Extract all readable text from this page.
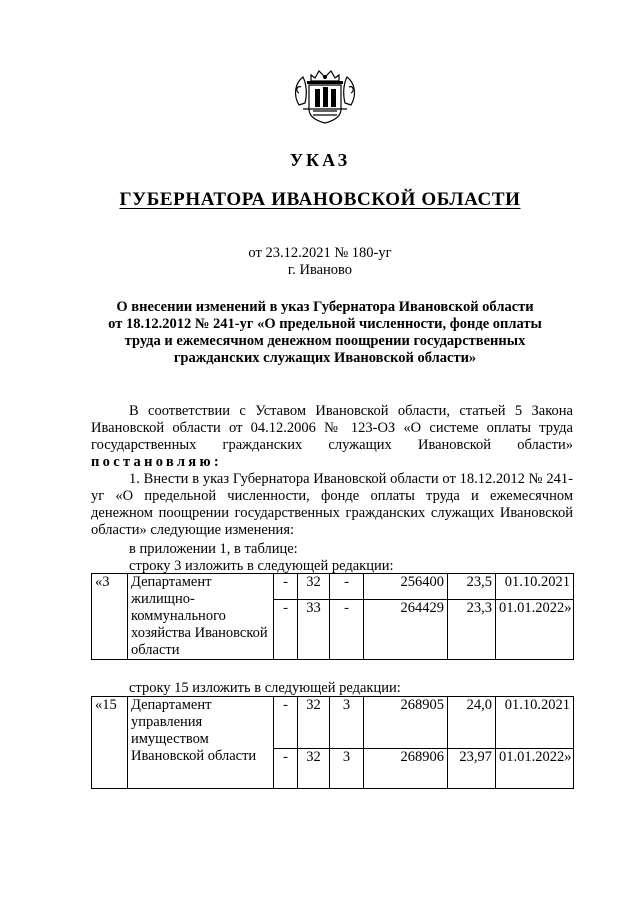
УКАЗ
ГУБЕРНАТОРА ИВАНОВСКОЙ ОБЛАСТИ
от 23.12.2021 № 180-уг
г. Иваново
О внесении изменений в указ Губернатора Ивановской области
от 18.12.2012 № 241-уг «О предельной численности, фонде оплаты
труда и ежемесячном денежном поощрении государственных
гражданских служащих Ивановской области»

В соответствии с Уставом Ивановской области, статьей 5 Закона Ивановской области от 04.12.2006 № 123-ОЗ «О системе оплаты труда государственных гражданских служащих Ивановской области»

постановляю:

1. Внести в указ Губернатора Ивановской области от 18.12.2012 № 241-уг «О предельной численности, фонде оплаты труда и ежемесячном денежном поощрении государственных гражданских служащих Ивановской области» следующие изменения:

в приложении 1, в таблице:
строку 3 изложить в следующей редакции:
«3	Департамент жилищно-коммунального хозяйства Ивановской области	-	32	-	256400	23,5	01.10.2021
		-	33	-	264429	23,3	01.01.2022»
строку 15 изложить в следующей редакции:
«15	Департамент управления имуществом Ивановской области	-	32	3	268905	24,0	01.10.2021
		-	32	3	268906	23,97	01.01.2022»
